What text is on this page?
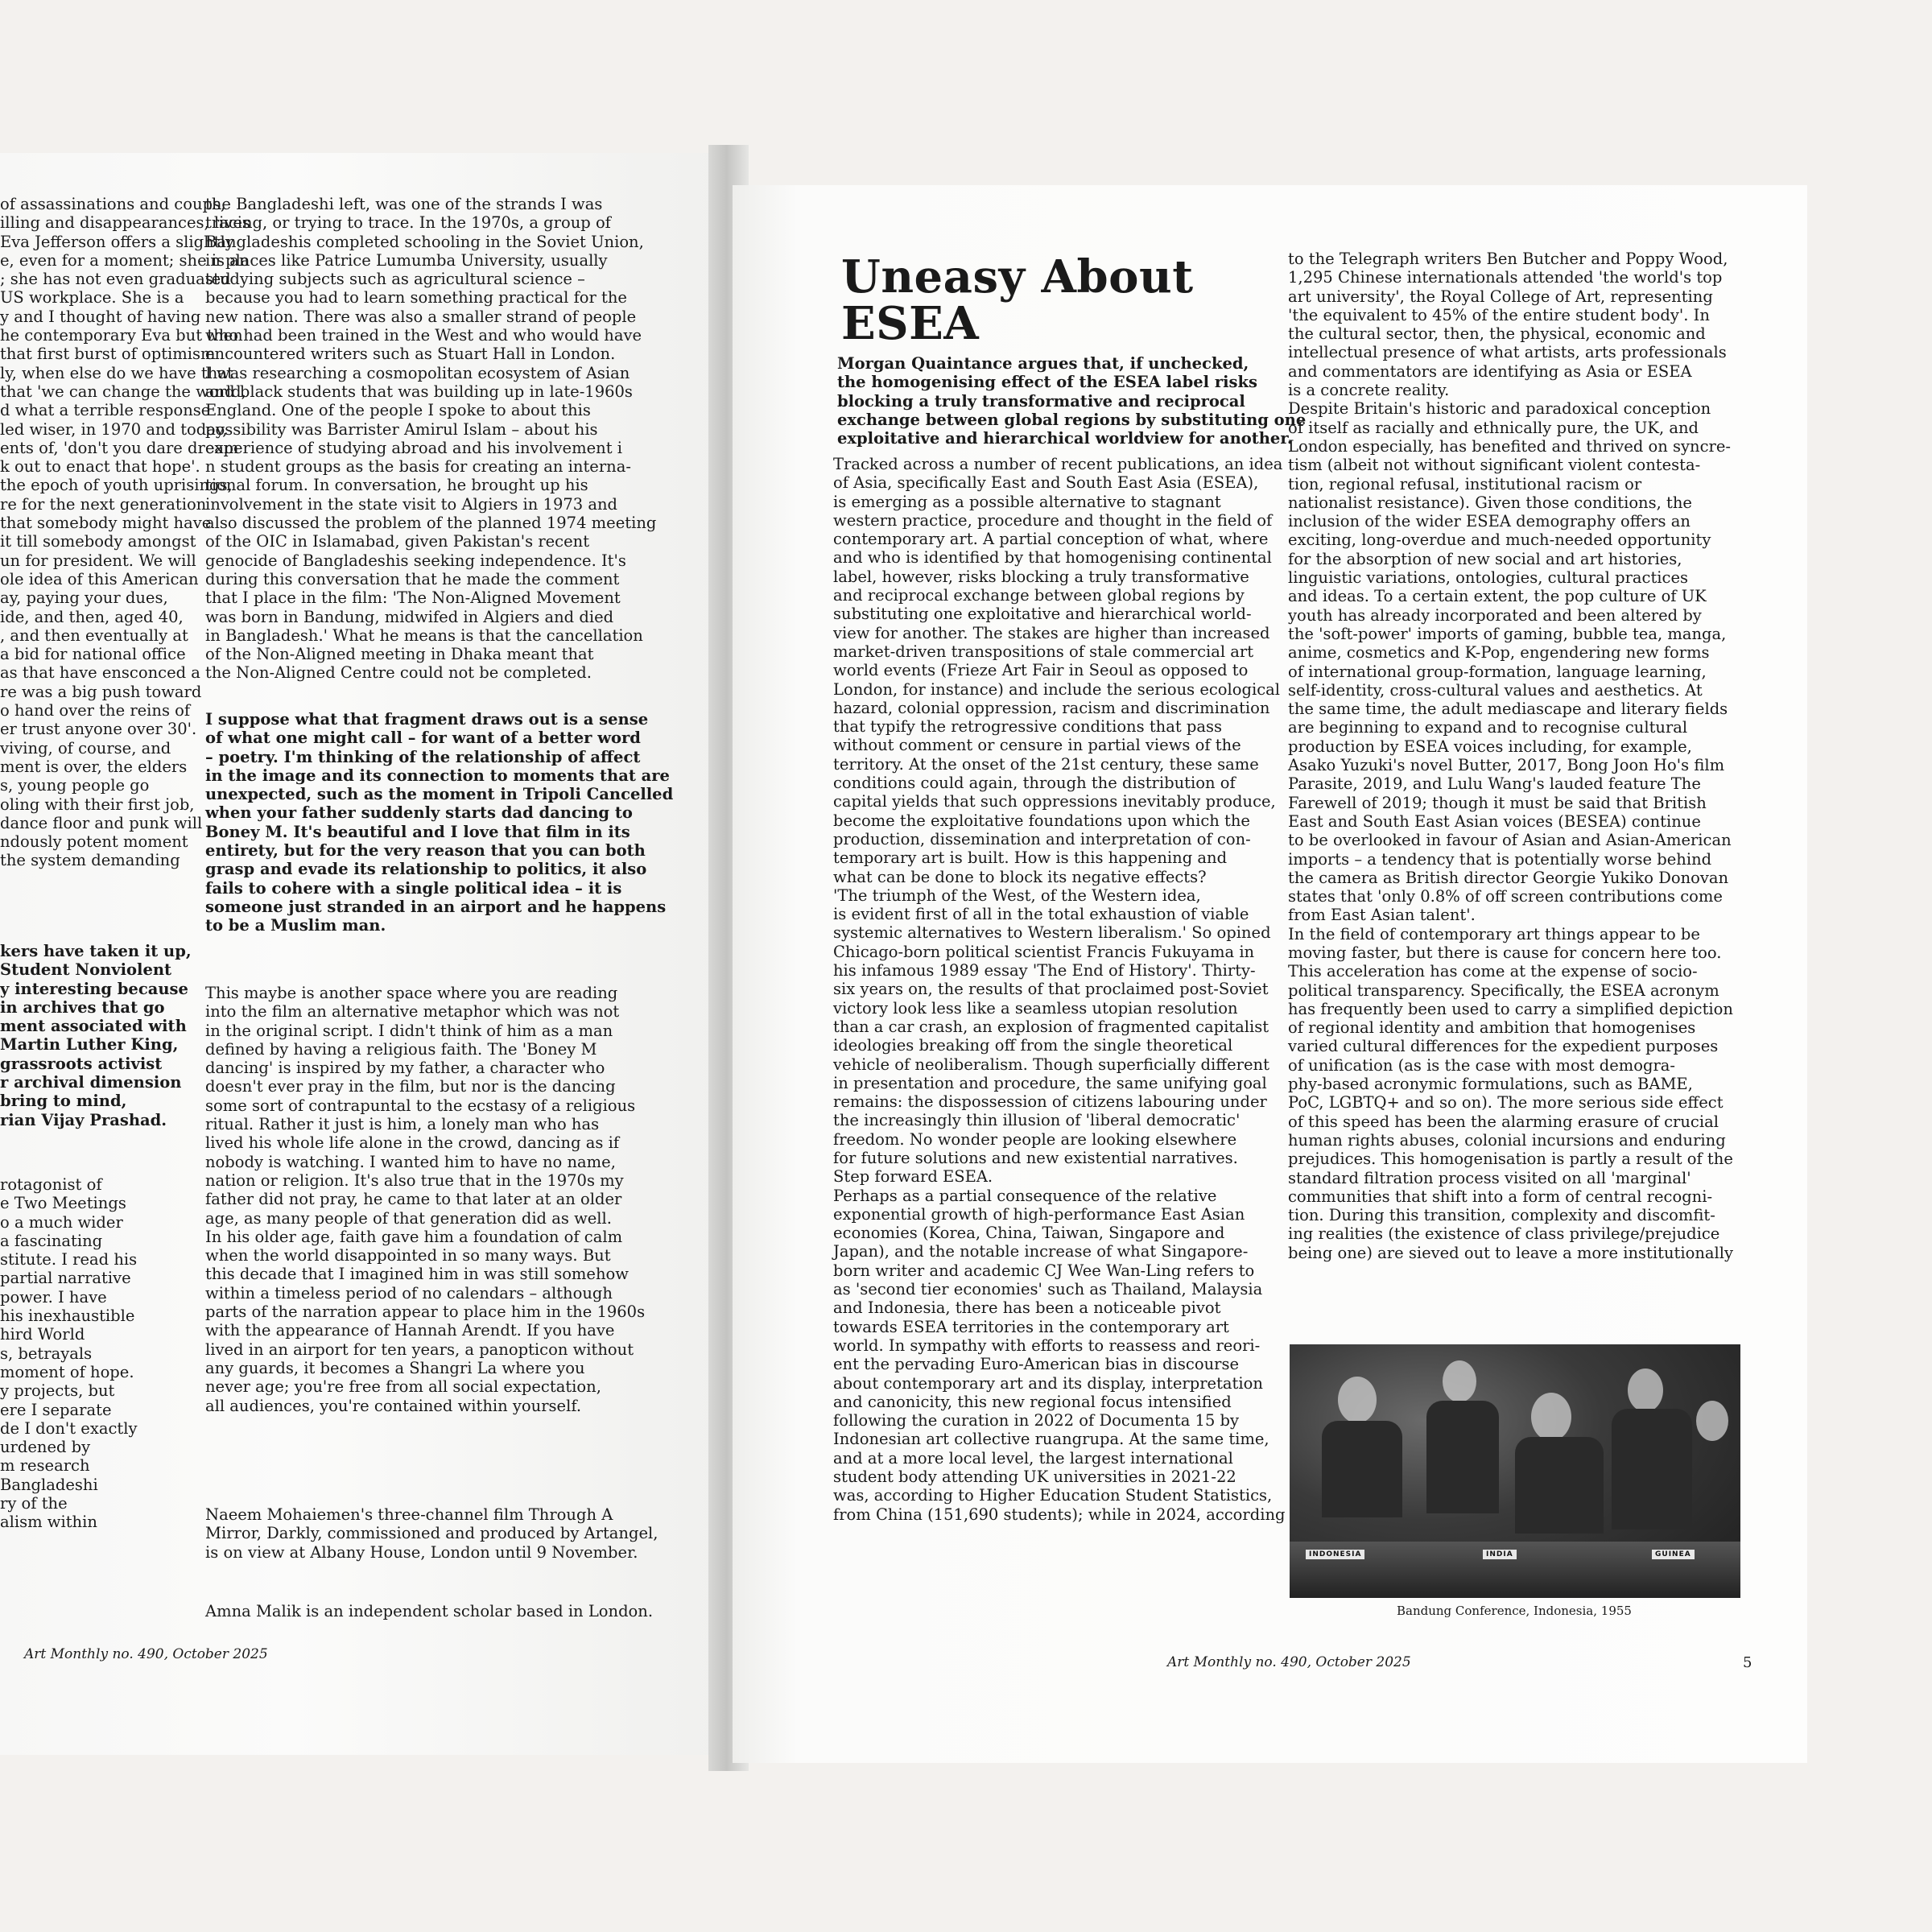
of assassinations and coups,
illing and disappearances, lives
Eva Jefferson offers a slightly
e, even for a moment; she is an
; she has not even graduated
US workplace. She is a
y and I thought of having
he contemporary Eva but then
that first burst of optimism
ly, when else do we have that
that 'we can change the world,
d what a terrible response
led wiser, in 1970 and today,
ents of, 'don't you dare dream
k out to enact that hope'.
the epoch of youth uprisings,
re for the next generation
that somebody might have
it till somebody amongst
un for president. We will
ole idea of this American
ay, paying your dues,
ide, and then, aged 40,
, and then eventually at
a bid for national office
as that have ensconced a
re was a big push toward
o hand over the reins of
er trust anyone over 30'.
viving, of course, and
ment is over, the elders
s, young people go
oling with their first job,
dance floor and punk will
ndously potent moment
the system demanding
kers have taken it up,
Student Nonviolent
y interesting because
in archives that go
ment associated with
Martin Luther King,
grassroots activist
r archival dimension
bring to mind,
rian Vijay Prashad.
rotagonist of
e Two Meetings
o a much wider
a fascinating
stitute. I read his
partial narrative
power. I have
his inexhaustible
hird World
s, betrayals
moment of hope.
y projects, but
ere I separate
de I don't exactly
urdened by
m research
Bangladeshi
ry of the
alism within
the Bangladeshi left, was one of the strands I was
tracing, or trying to trace. In the 1970s, a group of
Bangladeshis completed schooling in the Soviet Union,
in places like Patrice Lumumba University, usually
studying subjects such as agricultural science –
because you had to learn something practical for the
new nation. There was also a smaller strand of people
who had been trained in the West and who would have
encountered writers such as Stuart Hall in London.
I was researching a cosmopolitan ecosystem of Asian
and black students that was building up in late-1960s
England. One of the people I spoke to about this
possibility was Barrister Amirul Islam – about his
experience of studying abroad and his involvement i
n student groups as the basis for creating an interna-
tional forum. In conversation, he brought up his
involvement in the state visit to Algiers in 1973 and
also discussed the problem of the planned 1974 meeting
of the OIC in Islamabad, given Pakistan's recent
genocide of Bangladeshis seeking independence. It's
during this conversation that he made the comment
that I place in the film: 'The Non-Aligned Movement
was born in Bandung, midwifed in Algiers and died
in Bangladesh.' What he means is that the cancellation
of the Non-Aligned meeting in Dhaka meant that
the Non-Aligned Centre could not be completed.
I suppose what that fragment draws out is a sense
of what one might call – for want of a better word
– poetry. I'm thinking of the relationship of affect
in the image and its connection to moments that are
unexpected, such as the moment in Tripoli Cancelled
when your father suddenly starts dad dancing to
Boney M. It's beautiful and I love that film in its
entirety, but for the very reason that you can both
grasp and evade its relationship to politics, it also
fails to cohere with a single political idea – it is
someone just stranded in an airport and he happens
to be a Muslim man.
This maybe is another space where you are reading
into the film an alternative metaphor which was not
in the original script. I didn't think of him as a man
defined by having a religious faith. The 'Boney M
dancing' is inspired by my father, a character who
doesn't ever pray in the film, but nor is the dancing
some sort of contrapuntal to the ecstasy of a religious
ritual. Rather it just is him, a lonely man who has
lived his whole life alone in the crowd, dancing as if
nobody is watching. I wanted him to have no name,
nation or religion. It's also true that in the 1970s my
father did not pray, he came to that later at an older
age, as many people of that generation did as well.
In his older age, faith gave him a foundation of calm
when the world disappointed in so many ways. But
this decade that I imagined him in was still somehow
within a timeless period of no calendars – although
parts of the narration appear to place him in the 1960s
with the appearance of Hannah Arendt. If you have
lived in an airport for ten years, a panopticon without
any guards, it becomes a Shangri La where you
never age; you're free from all social expectation,
all audiences, you're contained within yourself.
Naeem Mohaiemen's three-channel film Through A
Mirror, Darkly, commissioned and produced by Artangel,
is on view at Albany House, London until 9 November.
Amna Malik is an independent scholar based in London.
Art Monthly no. 490, October 2025
Uneasy About
ESEA
Morgan Quaintance argues that, if unchecked,
the homogenising effect of the ESEA label risks
blocking a truly transformative and reciprocal
exchange between global regions by substituting one
exploitative and hierarchical worldview for another.
Tracked across a number of recent publications, an idea
of Asia, specifically East and South East Asia (ESEA),
is emerging as a possible alternative to stagnant
western practice, procedure and thought in the field of
contemporary art. A partial conception of what, where
and who is identified by that homogenising continental
label, however, risks blocking a truly transformative
and reciprocal exchange between global regions by
substituting one exploitative and hierarchical world-
view for another. The stakes are higher than increased
market-driven transpositions of stale commercial art
world events (Frieze Art Fair in Seoul as opposed to
London, for instance) and include the serious ecological
hazard, colonial oppression, racism and discrimination
that typify the retrogressive conditions that pass
without comment or censure in partial views of the
territory. At the onset of the 21st century, these same
conditions could again, through the distribution of
capital yields that such oppressions inevitably produce,
become the exploitative foundations upon which the
production, dissemination and interpretation of con-
temporary art is built. How is this happening and
what can be done to block its negative effects?
'The triumph of the West, of the Western idea,
is evident first of all in the total exhaustion of viable
systemic alternatives to Western liberalism.' So opined
Chicago-born political scientist Francis Fukuyama in
his infamous 1989 essay 'The End of History'. Thirty-
six years on, the results of that proclaimed post-Soviet
victory look less like a seamless utopian resolution
than a car crash, an explosion of fragmented capitalist
ideologies breaking off from the single theoretical
vehicle of neoliberalism. Though superficially different
in presentation and procedure, the same unifying goal
remains: the dispossession of citizens labouring under
the increasingly thin illusion of 'liberal democratic'
freedom. No wonder people are looking elsewhere
for future solutions and new existential narratives.
Step forward ESEA.
Perhaps as a partial consequence of the relative
exponential growth of high-performance East Asian
economies (Korea, China, Taiwan, Singapore and
Japan), and the notable increase of what Singapore-
born writer and academic CJ Wee Wan-Ling refers to
as 'second tier economies' such as Thailand, Malaysia
and Indonesia, there has been a noticeable pivot
towards ESEA territories in the contemporary art
world. In sympathy with efforts to reassess and reori-
ent the pervading Euro-American bias in discourse
about contemporary art and its display, interpretation
and canonicity, this new regional focus intensified
following the curation in 2022 of Documenta 15 by
Indonesian art collective ruangrupa. At the same time,
and at a more local level, the largest international
student body attending UK universities in 2021-22
was, according to Higher Education Student Statistics,
from China (151,690 students); while in 2024, according
to the Telegraph writers Ben Butcher and Poppy Wood,
1,295 Chinese internationals attended 'the world's top
art university', the Royal College of Art, representing
'the equivalent to 45% of the entire student body'. In
the cultural sector, then, the physical, economic and
intellectual presence of what artists, arts professionals
and commentators are identifying as Asia or ESEA
is a concrete reality.
Despite Britain's historic and paradoxical conception
of itself as racially and ethnically pure, the UK, and
London especially, has benefited and thrived on syncre-
tism (albeit not without significant violent contesta-
tion, regional refusal, institutional racism or
nationalist resistance). Given those conditions, the
inclusion of the wider ESEA demography offers an
exciting, long-overdue and much-needed opportunity
for the absorption of new social and art histories,
linguistic variations, ontologies, cultural practices
and ideas. To a certain extent, the pop culture of UK
youth has already incorporated and been altered by
the 'soft-power' imports of gaming, bubble tea, manga,
anime, cosmetics and K-Pop, engendering new forms
of international group-formation, language learning,
self-identity, cross-cultural values and aesthetics. At
the same time, the adult mediascape and literary fields
are beginning to expand and to recognise cultural
production by ESEA voices including, for example,
Asako Yuzuki's novel Butter, 2017, Bong Joon Ho's film
Parasite, 2019, and Lulu Wang's lauded feature The
Farewell of 2019; though it must be said that British
East and South East Asian voices (BESEA) continue
to be overlooked in favour of Asian and Asian-American
imports – a tendency that is potentially worse behind
the camera as British director Georgie Yukiko Donovan
states that 'only 0.8% of off screen contributions come
from East Asian talent'.
In the field of contemporary art things appear to be
moving faster, but there is cause for concern here too.
This acceleration has come at the expense of socio-
political transparency. Specifically, the ESEA acronym
has frequently been used to carry a simplified depiction
of regional identity and ambition that homogenises
varied cultural differences for the expedient purposes
of unification (as is the case with most demogra-
phy-based acronymic formulations, such as BAME,
PoC, LGBTQ+ and so on). The more serious side effect
of this speed has been the alarming erasure of crucial
human rights abuses, colonial incursions and enduring
prejudices. This homogenisation is partly a result of the
standard filtration process visited on all 'marginal'
communities that shift into a form of central recogni-
tion. During this transition, complexity and discomfit-
ing realities (the existence of class privilege/prejudice
being one) are sieved out to leave a more institutionally
INDONESIA	INDIA	GUINEA
Bandung Conference, Indonesia, 1955
Art Monthly no. 490, October 2025	5
